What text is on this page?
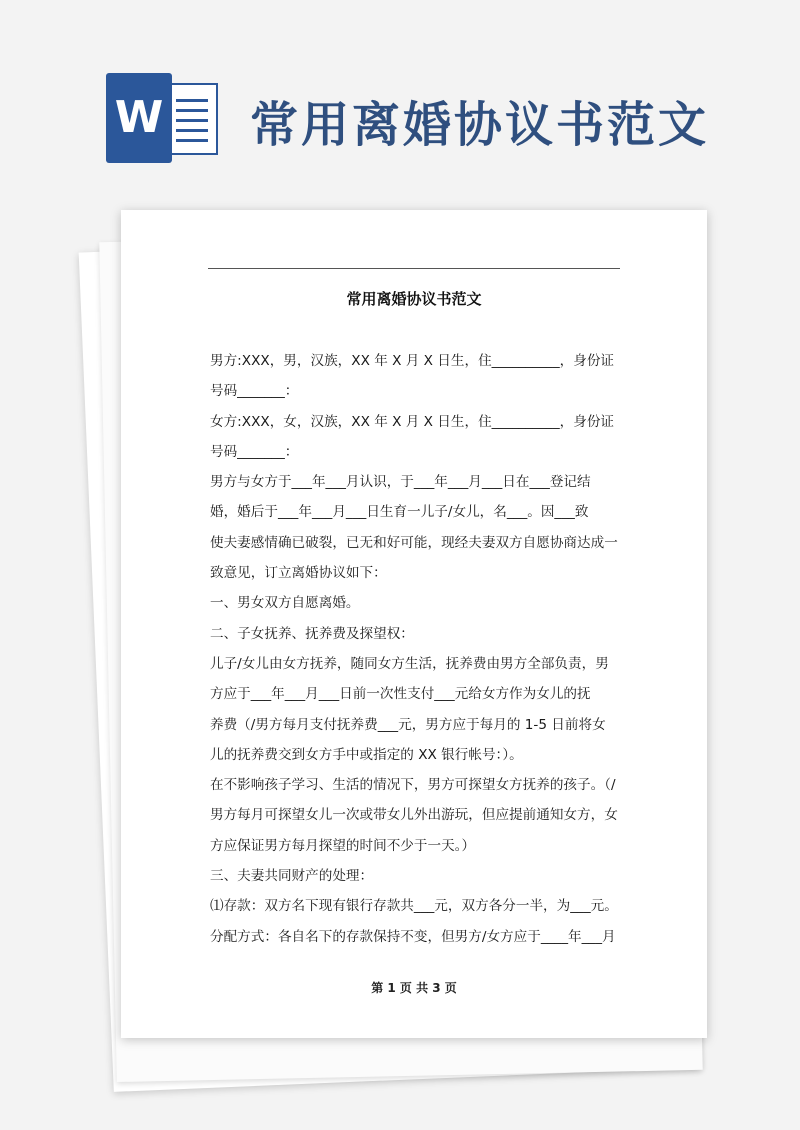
W 常用离婚协议书范文
常用离婚协议书范文
男方:XXX，男，汉族，XX 年 X 月 X 日生，住__________，身份证
号码_______：
女方:XXX，女，汉族，XX 年 X 月 X 日生，住__________，身份证
号码_______：
男方与女方于___年___月认识，于___年___月___日在___登记结
婚，婚后于___年___月___日生育一儿子/女儿，名___。因___致
使夫妻感情确已破裂，已无和好可能，现经夫妻双方自愿协商达成一
致意见，订立离婚协议如下：
一、男女双方自愿离婚。
二、子女抚养、抚养费及探望权：
儿子/女儿由女方抚养，随同女方生活，抚养费由男方全部负责，男
方应于___年___月___日前一次性支付___元给女方作为女儿的抚
养费（/男方每月支付抚养费___元，男方应于每月的 1-5 日前将女
儿的抚养费交到女方手中或指定的 XX 银行帐号：）。
在不影响孩子学习、生活的情况下，男方可探望女方抚养的孩子。（/
男方每月可探望女儿一次或带女儿外出游玩，但应提前通知女方，女
方应保证男方每月探望的时间不少于一天。）
三、夫妻共同财产的处理：
⑴存款：双方名下现有银行存款共___元，双方各分一半，为___元。
分配方式：各自名下的存款保持不变，但男方/女方应于____年___月
第 1 页 共 3 页
